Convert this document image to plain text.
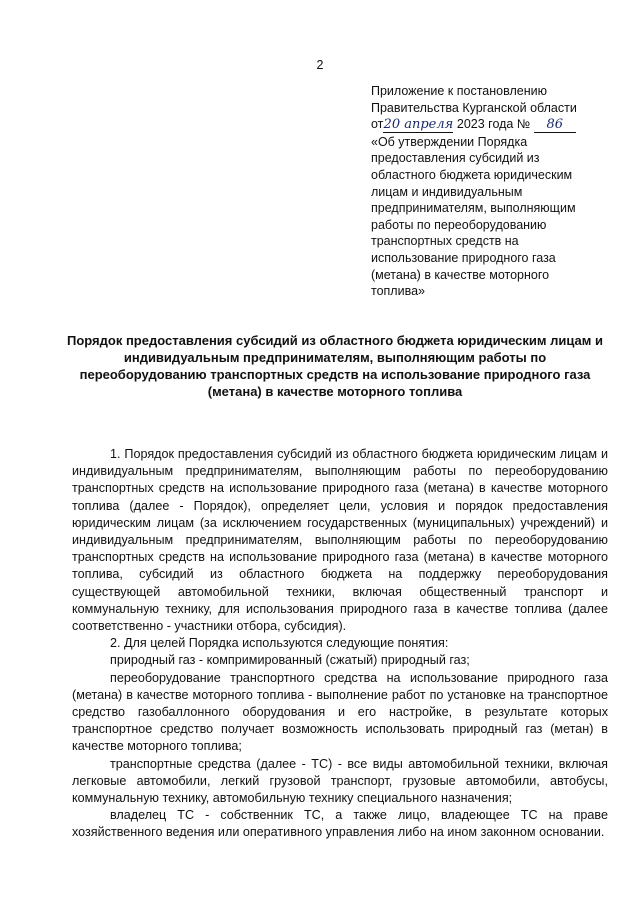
2
Приложение к постановлению
Правительства Курганской области
от20 апреля 2023 года № 86
«Об утверждении Порядка
предоставления субсидий из
областного бюджета юридическим
лицам и индивидуальным
предпринимателям, выполняющим
работы по переоборудованию
транспортных средств на
использование природного газа
(метана) в качестве моторного
топлива»
Порядок предоставления субсидий из областного бюджета юридическим лицам и индивидуальным предпринимателям, выполняющим работы по переоборудованию транспортных средств на использование природного газа (метана) в качестве моторного топлива

1. Порядок предоставления субсидий из областного бюджета юридическим лицам и индивидуальным предпринимателям, выполняющим работы по переоборудованию транспортных средств на использование природного газа (метана) в качестве моторного топлива (далее - Порядок), определяет цели, условия и порядок предоставления юридическим лицам (за исключением государственных (муниципальных) учреждений) и индивидуальным предпринимателям, выполняющим работы по переоборудованию транспортных средств на использование природного газа (метана) в качестве моторного топлива, субсидий из областного бюджета на поддержку переоборудования существующей автомобильной техники, включая общественный транспорт и коммунальную технику, для использования природного газа в качестве топлива (далее соответственно - участники отбора, субсидия).

2. Для целей Порядка используются следующие понятия:

природный газ - компримированный (сжатый) природный газ;

переоборудование транспортного средства на использование природного газа (метана) в качестве моторного топлива - выполнение работ по установке на транспортное средство газобаллонного оборудования и его настройке, в результате которых транспортное средство получает возможность использовать природный газ (метан) в качестве моторного топлива;

транспортные средства (далее - ТС) - все виды автомобильной техники, включая легковые автомобили, легкий грузовой транспорт, грузовые автомобили, автобусы, коммунальную технику, автомобильную технику специального назначения;

владелец ТС - собственник ТС, а также лицо, владеющее ТС на праве хозяйственного ведения или оперативного управления либо на ином законном основании.
